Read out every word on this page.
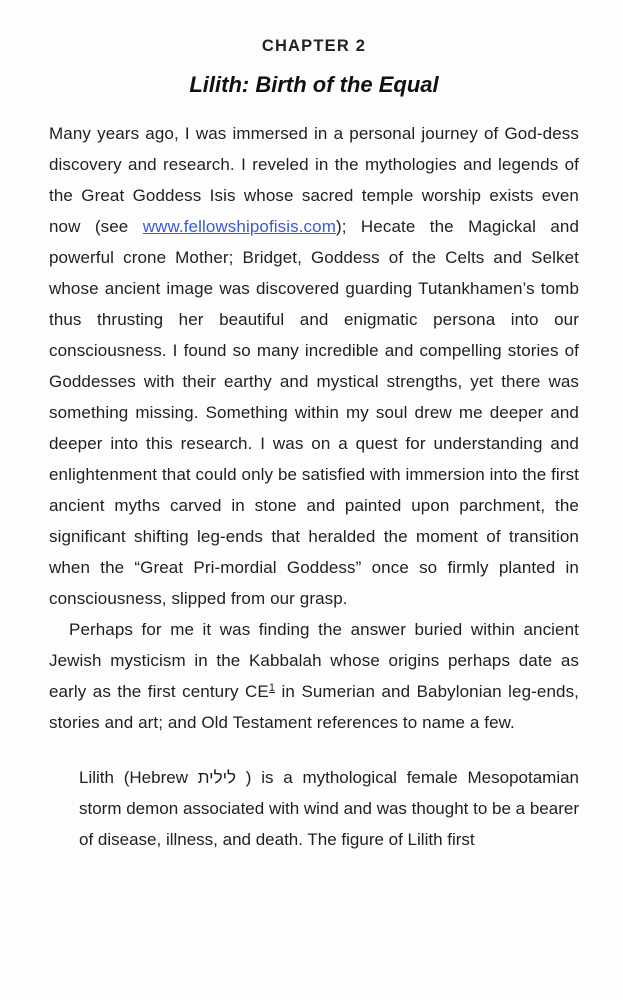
CHAPTER 2
Lilith: Birth of the Equal

Many years ago, I was immersed in a personal journey of God-dess discovery and research. I reveled in the mythologies and legends of the Great Goddess Isis whose sacred temple worship exists even now (see www.fellowshipofisis.com); Hecate the Magickal and powerful crone Mother; Bridget, Goddess of the Celts and Selket whose ancient image was discovered guarding Tutankhamen’s tomb thus thrusting her beautiful and enigmatic persona into our consciousness. I found so many incredible and compelling stories of Goddesses with their earthy and mystical strengths, yet there was something missing. Something within my soul drew me deeper and deeper into this research. I was on a quest for understanding and enlightenment that could only be satisfied with immersion into the first ancient myths carved in stone and painted upon parchment, the significant shifting leg-ends that heralded the moment of transition when the “Great Pri-mordial Goddess” once so firmly planted in consciousness, slipped from our grasp.

Perhaps for me it was finding the answer buried within ancient Jewish mysticism in the Kabbalah whose origins perhaps date as early as the first century CE$^1$ in Sumerian and Babylonian leg-ends, stories and art; and Old Testament references to name a few.

Lilith (Hebrew לילית ) is a mythological female Mesopotamian storm demon associated with wind and was thought to be a bearer of disease, illness, and death. The figure of Lilith first
